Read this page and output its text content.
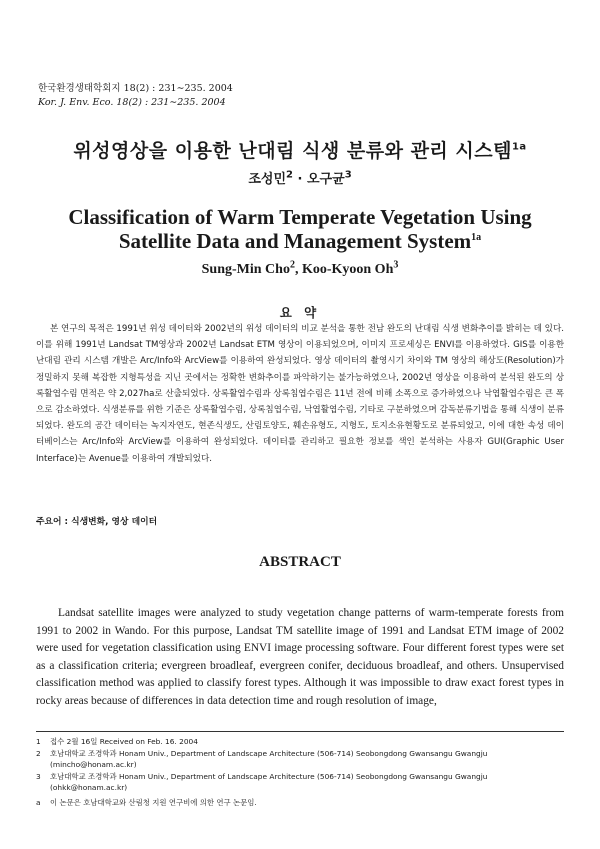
한국환경생태학회지 18(2) : 231∼235. 2004
Kor. J. Env. Eco. 18(2) : 231∼235. 2004
위성영상을 이용한 난대림 식생 분류와 관리 시스템$^{1a}$
조성민$^2$ · 오구균$^3$
Classification of Warm Temperate Vegetation Using
Satellite Data and Management System$^{1a}$
Sung-Min Cho$^2$, Koo-Kyoon Oh$^3$
요 약
본 연구의 목적은 1991년 위성 데이터와 2002년의 위성 데이터의 비교 분석을 통한 전남 완도의 난대림 식생 변화추이를 밝히는 데 있다. 이를 위해 1991년 Landsat TM영상과 2002년 Landsat ETM 영상이 이용되었으며, 이미지 프로세싱은 ENVI를 이용하였다. GIS를 이용한 난대림 관리 시스템 개발은 Arc/Info와 ArcView를 이용하여 완성되었다. 영상 데이터의 촬영시기 차이와 TM 영상의 해상도(Resolution)가 정밀하지 못해 복잡한 지형특성을 지닌 곳에서는 정확한 변화추이를 파악하기는 불가능하였으나, 2002년 영상을 이용하여 분석된 완도의 상록활엽수림 면적은 약 2,027ha로 산출되었다. 상록활엽수림과 상록침엽수림은 11년 전에 비해 소폭으로 증가하였으나 낙엽활엽수림은 큰 폭으로 감소하였다. 식생분류를 위한 기준은 상록활엽수림, 상록침엽수림, 낙엽활엽수림, 기타로 구분하였으며 감독분류기법을 통해 식생이 분류되었다. 완도의 공간 데이터는 녹지자연도, 현존식생도, 산림토양도, 훼손유형도, 지형도, 토지소유현황도로 분류되었고, 이에 대한 속성 데이터베이스는 Arc/Info와 ArcView를 이용하여 완성되었다. 데이터를 관리하고 필요한 정보를 색인 분석하는 사용자 GUI(Graphic User Interface)는 Avenue를 이용하여 개발되었다.
주요어 : 식생변화, 영상 데이터
ABSTRACT
Landsat satellite images were analyzed to study vegetation change patterns of warm-temperate forests from 1991 to 2002 in Wando. For this purpose, Landsat TM satellite image of 1991 and Landsat ETM image of 2002 were used for vegetation classification using ENVI image processing software. Four different forest types were set as a classification criteria; evergreen broadleaf, evergreen conifer, deciduous broadleaf, and others. Unsupervised classification method was applied to classify forest types. Although it was impossible to draw exact forest types in rocky areas because of differences in data detection time and rough resolution of image,
1	접수 2월 16일 Received on Feb. 16. 2004
2	호남대학교 조경학과 Honam Univ., Department of Landscape Architecture (506-714) Seobongdong Gwansangu Gwangju (mincho@honam.ac.kr)
3	호남대학교 조경학과 Honam Univ., Department of Landscape Architecture (506-714) Seobongdong Gwansangu Gwangju (ohkk@honam.ac.kr)
a	이 논문은 호남대학교와 산림청 지원 연구비에 의한 연구 논문임.
